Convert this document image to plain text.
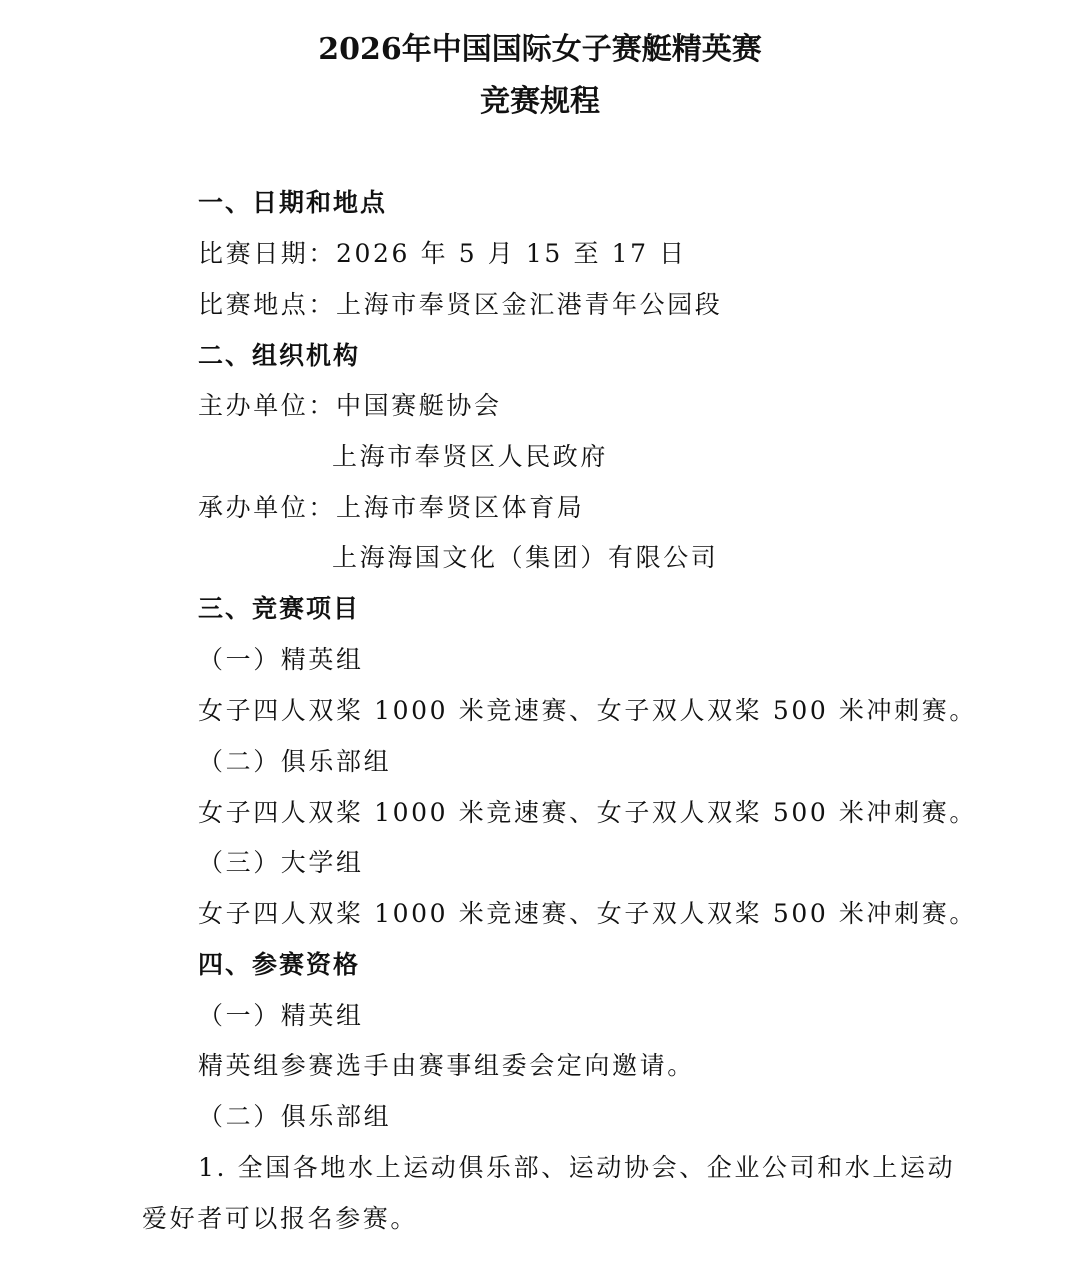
2026年中国国际女子赛艇精英赛
竞赛规程
一、日期和地点
比赛日期：2026 年 5 月 15 至 17 日
比赛地点：上海市奉贤区金汇港青年公园段
二、组织机构
主办单位：中国赛艇协会
上海市奉贤区人民政府
承办单位：上海市奉贤区体育局
上海海国文化（集团）有限公司
三、竞赛项目
（一）精英组
女子四人双桨 1000 米竞速赛、女子双人双桨 500 米冲刺赛。
（二）俱乐部组
女子四人双桨 1000 米竞速赛、女子双人双桨 500 米冲刺赛。
（三）大学组
女子四人双桨 1000 米竞速赛、女子双人双桨 500 米冲刺赛。
四、参赛资格
（一）精英组
精英组参赛选手由赛事组委会定向邀请。
（二）俱乐部组
1. 全国各地水上运动俱乐部、运动协会、企业公司和水上运动
爱好者可以报名参赛。
